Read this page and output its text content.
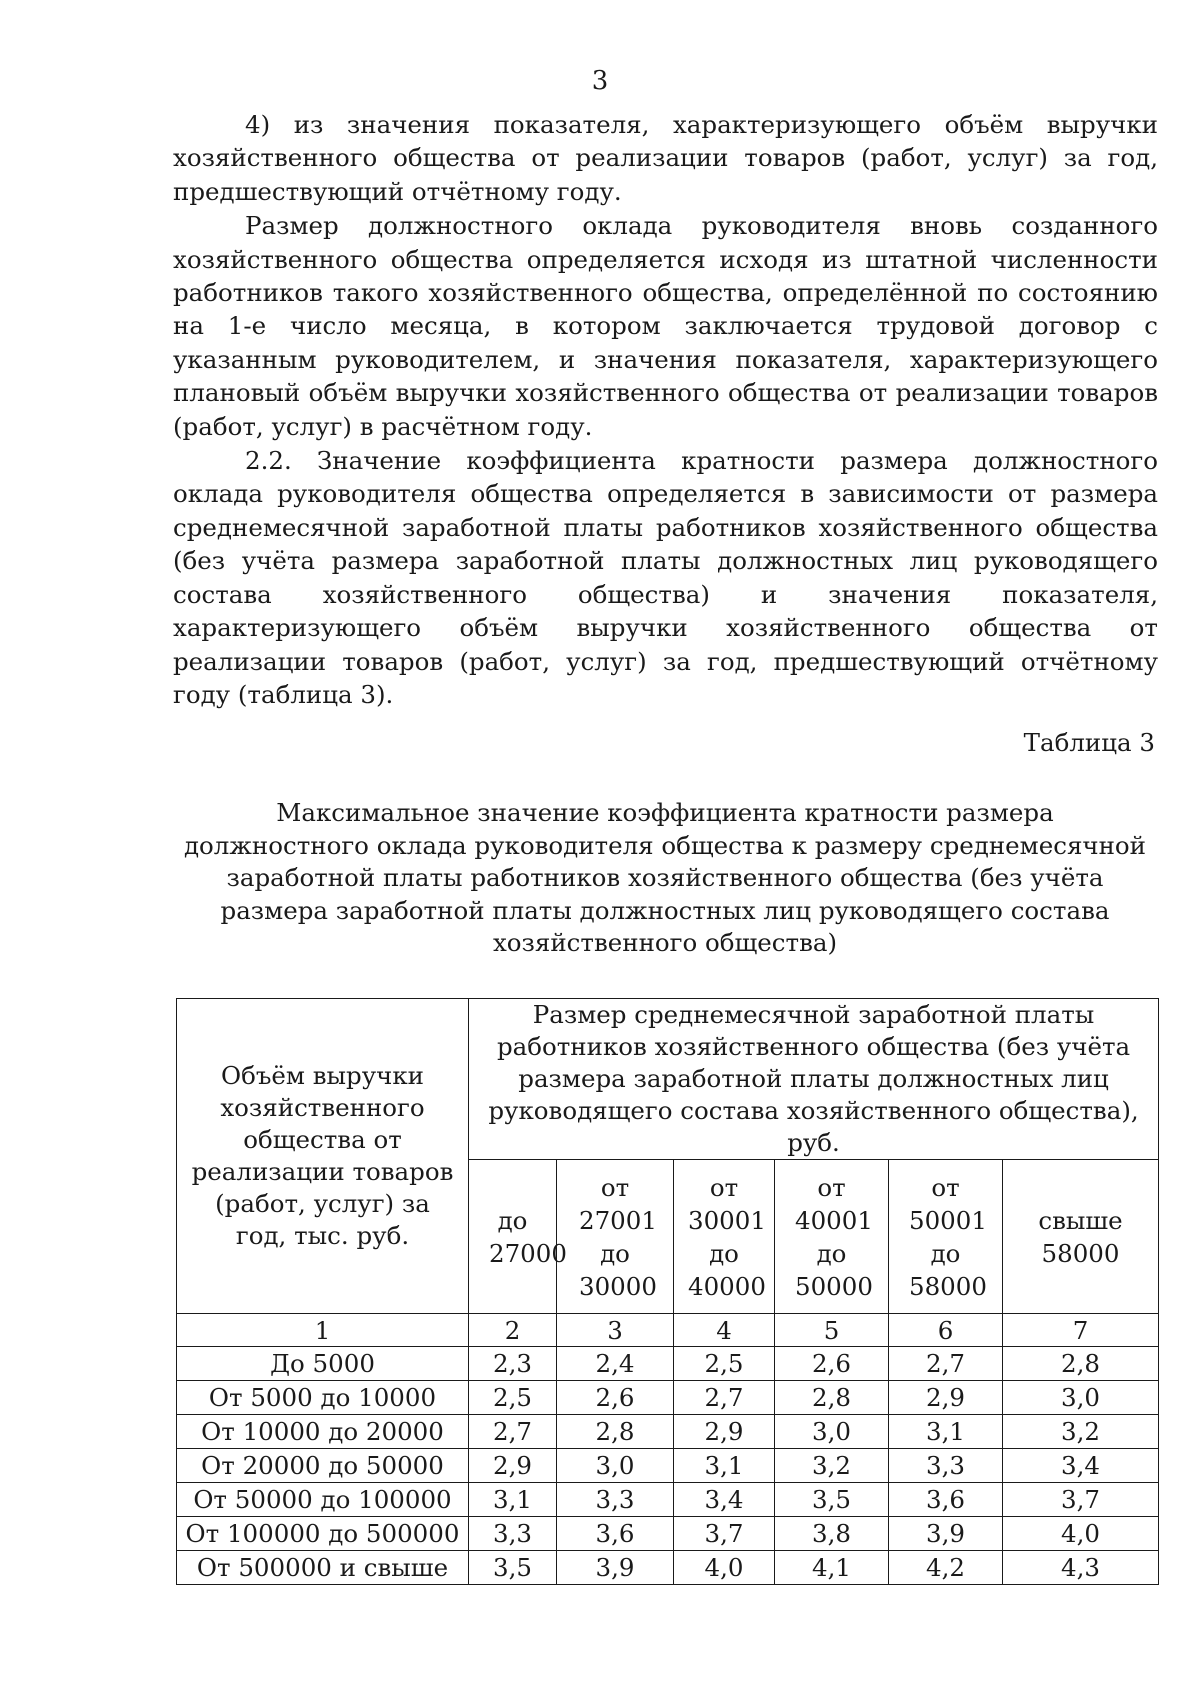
3

4) из значения показателя, характеризующего объём выручки хозяйственного общества от реализации товаров (работ, услуг) за год, предшествующий отчётному году.

Размер должностного оклада руководителя вновь созданного хозяйственного общества определяется исходя из штатной численности работников такого хозяйственного общества, определённой по состоянию на 1-е число месяца, в котором заключается трудовой договор с указанным руководителем, и значения показателя, характеризующего плановый объём выручки хозяйственного общества от реализации товаров (работ, услуг) в расчётном году.

2.2. Значение коэффициента кратности размера должностного оклада руководителя общества определяется в зависимости от размера среднемесячной заработной платы работников хозяйственного общества (без учёта размера заработной платы должностных лиц руководящего состава хозяйственного общества) и значения показателя, характеризующего объём выручки хозяйственного общества от реализации товаров (работ, услуг) за год, предшествующий отчётному году (таблица 3).

Таблица 3
Максимальное значение коэффициента кратности размера должностного оклада руководителя общества к размеру среднемесячной заработной платы работников хозяйственного общества (без учёта размера заработной платы должностных лиц руководящего состава хозяйственного общества)
Объём выручки хозяйственного общества от реализации товаров (работ, услуг) за год, тыс. руб.	Размер среднемесячной заработной платы работников хозяйственного общества (без учёта размера заработной платы должностных лиц руководящего состава хозяйственного общества), руб.					

	до 27000	от 27001 до 30000	от 30001 до 40000	от 40001 до 50000	от 50001 до 58000	свыше 58000

1	2	3	4	5	6	7
До 5000	2,3	2,4	2,5	2,6	2,7	2,8
От 5000 до 10000	2,5	2,6	2,7	2,8	2,9	3,0
От 10000 до 20000	2,7	2,8	2,9	3,0	3,1	3,2
От 20000 до 50000	2,9	3,0	3,1	3,2	3,3	3,4
От 50000 до 100000	3,1	3,3	3,4	3,5	3,6	3,7
От 100000 до 500000	3,3	3,6	3,7	3,8	3,9	4,0
От 500000 и свыше	3,5	3,9	4,0	4,1	4,2	4,3
